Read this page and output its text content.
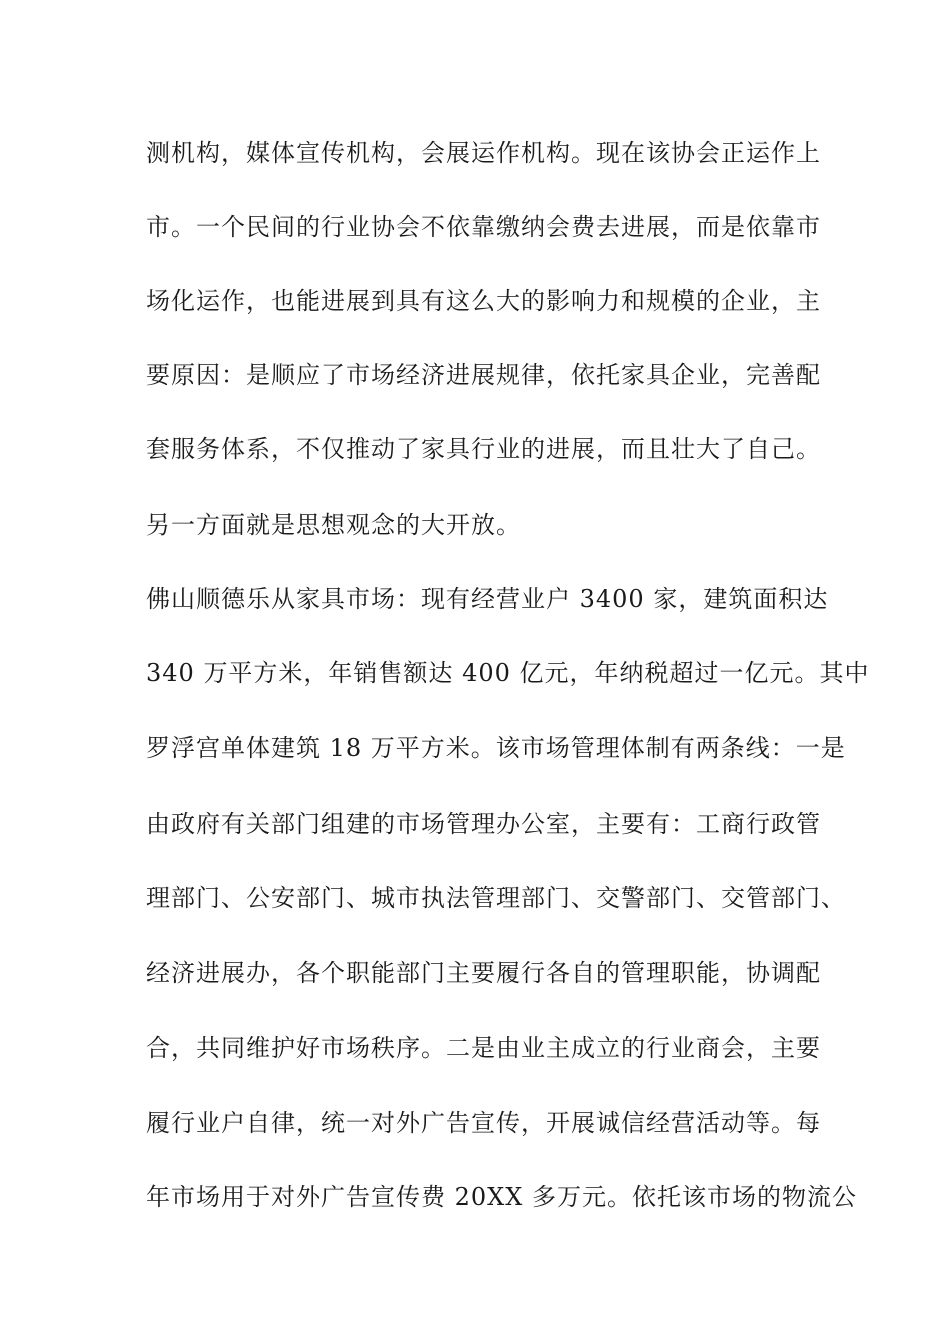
测机构，媒体宣传机构，会展运作机构。现在该协会正运作上
市。一个民间的行业协会不依靠缴纳会费去进展，而是依靠市
场化运作，也能进展到具有这么大的影响力和规模的企业，主
要原因：是顺应了市场经济进展规律，依托家具企业，完善配
套服务体系，不仅推动了家具行业的进展，而且壮大了自己。
另一方面就是思想观念的大开放。
佛山顺德乐从家具市场：现有经营业户 3400 家，建筑面积达
340 万平方米，年销售额达 400 亿元，年纳税超过一亿元。其中
罗浮宫单体建筑 18 万平方米。该市场管理体制有两条线：一是
由政府有关部门组建的市场管理办公室，主要有：工商行政管
理部门、公安部门、城市执法管理部门、交警部门、交管部门、
经济进展办，各个职能部门主要履行各自的管理职能，协调配
合，共同维护好市场秩序。二是由业主成立的行业商会，主要
履行业户自律，统一对外广告宣传，开展诚信经营活动等。每
年市场用于对外广告宣传费 20XX 多万元。依托该市场的物流公
